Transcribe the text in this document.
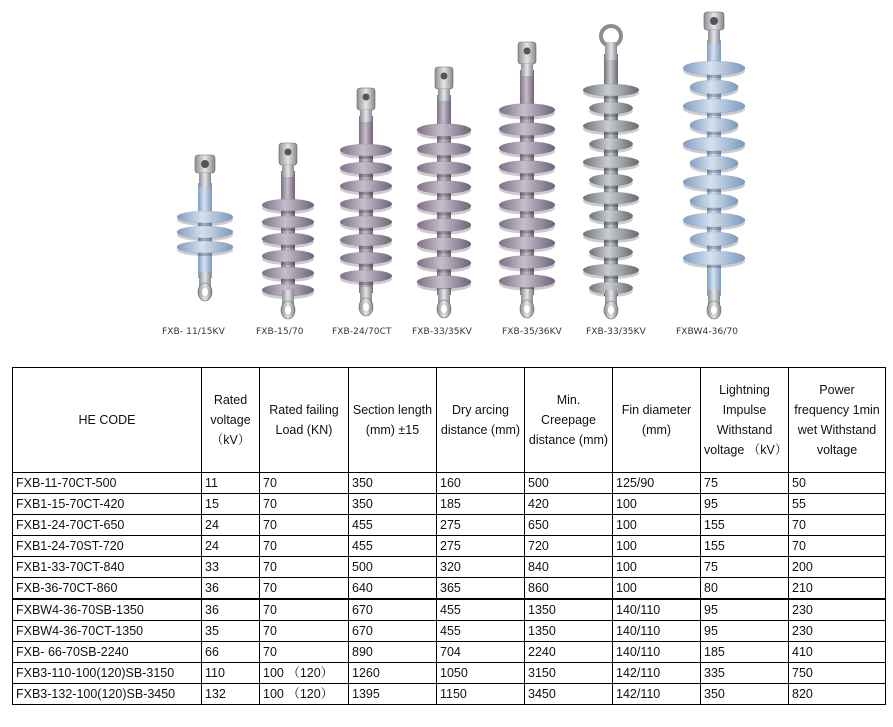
FXB- 11/15KV	FXB-15/70	FXB-24/70CT FXB-33/35KV	FXB-35/36KV	FXB-33/35KV	FXBW4-36/70
HE CODE	Rated voltage （kV）	Rated failing Load (KN)	Section length (mm) ±15	Dry arcing distance (mm)	Min. Creepage distance (mm)	Fin diameter (mm)	Lightning Impulse Withstand voltage （kV）	Power frequency 1min wet Withstand voltage
FXB-11-70CT-500	11	70	350	160	500	125/90	75	50
FXB1-15-70CT-420	15	70	350	185	420	100	95	55
FXB1-24-70CT-650	24	70	455	275	650	100	155	70
FXB1-24-70ST-720	24	70	455	275	720	100	155	70
FXB1-33-70CT-840	33	70	500	320	840	100	75	200
FXB-36-70CT-860	36	70	640	365	860	100	80	210
FXBW4-36-70SB-1350	36	70	670	455	1350	140/110	95	230
FXBW4-36-70CT-1350	35	70	670	455	1350	140/110	95	230
FXB- 66-70SB-2240	66	70	890	704	2240	140/110	185	410
FXB3-110-100(120)SB-3150	110	100 （120）	1260	1050	3150	142/110	335	750
FXB3-132-100(120)SB-3450	132	100 （120）	1395	1150	3450	142/110	350	820
